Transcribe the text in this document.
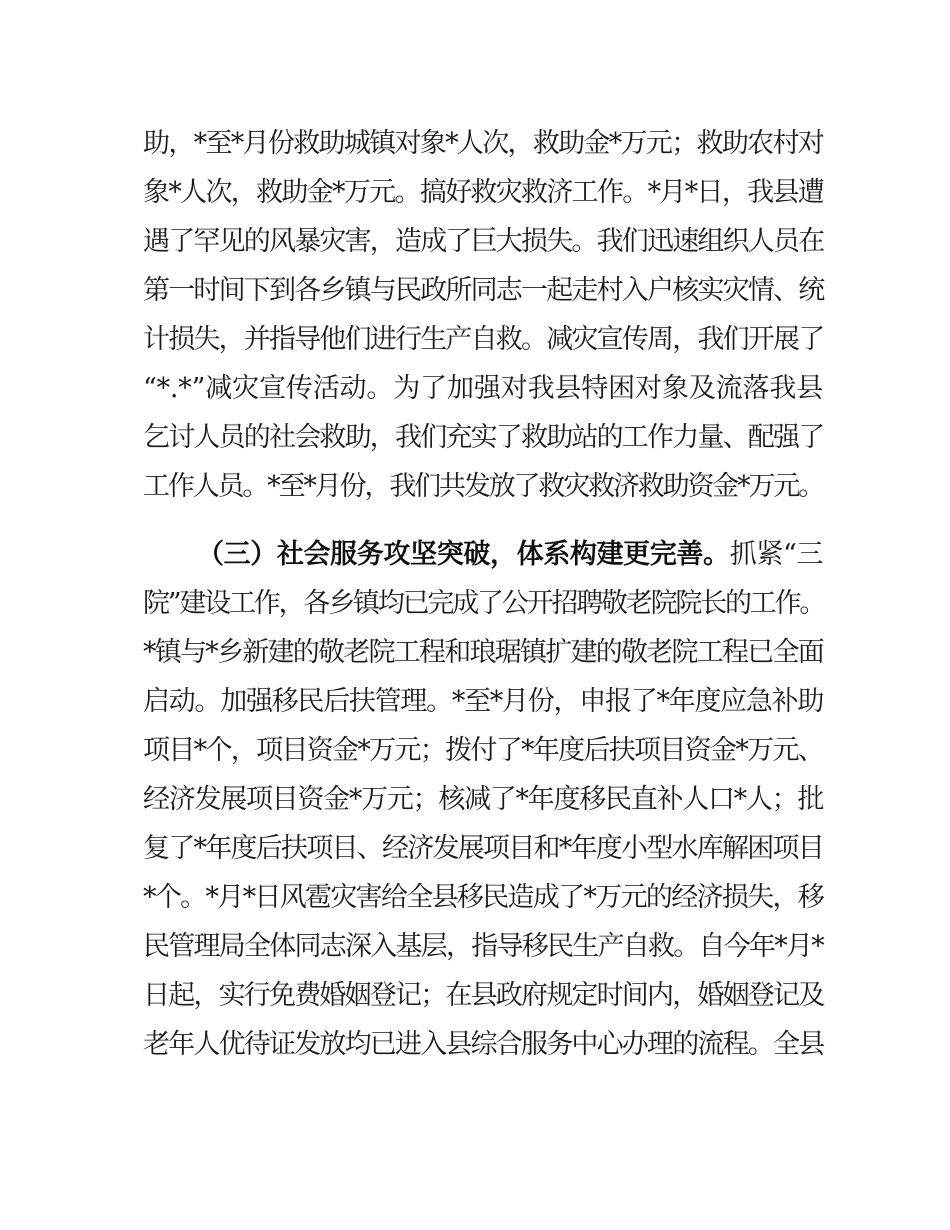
助，*至*月份救助城镇对象*人次，救助金*万元；救助农村对
象*人次，救助金*万元。搞好救灾救济工作。*月*日，我县遭
遇了罕见的风暴灾害，造成了巨大损失。我们迅速组织人员在
第一时间下到各乡镇与民政所同志一起走村入户核实灾情、统
计损失，并指导他们进行生产自救。减灾宣传周，我们开展了
“*.*”减灾宣传活动。为了加强对我县特困对象及流落我县
乞讨人员的社会救助，我们充实了救助站的工作力量、配强了
工作人员。*至*月份，我们共发放了救灾救济救助资金*万元。
（三）社会服务攻坚突破，体系构建更完善。抓紧“三
院”建设工作，各乡镇均已完成了公开招聘敬老院院长的工作。
*镇与*乡新建的敬老院工程和琅琚镇扩建的敬老院工程已全面
启动。加强移民后扶管理。*至*月份，申报了*年度应急补助
项目*个，项目资金*万元；拨付了*年度后扶项目资金*万元、
经济发展项目资金*万元；核减了*年度移民直补人口*人；批
复了*年度后扶项目、经济发展项目和*年度小型水库解困项目
*个。*月*日风雹灾害给全县移民造成了*万元的经济损失，移
民管理局全体同志深入基层，指导移民生产自救。自今年*月*
日起，实行免费婚姻登记；在县政府规定时间内，婚姻登记及
老年人优待证发放均已进入县综合服务中心办理的流程。全县
